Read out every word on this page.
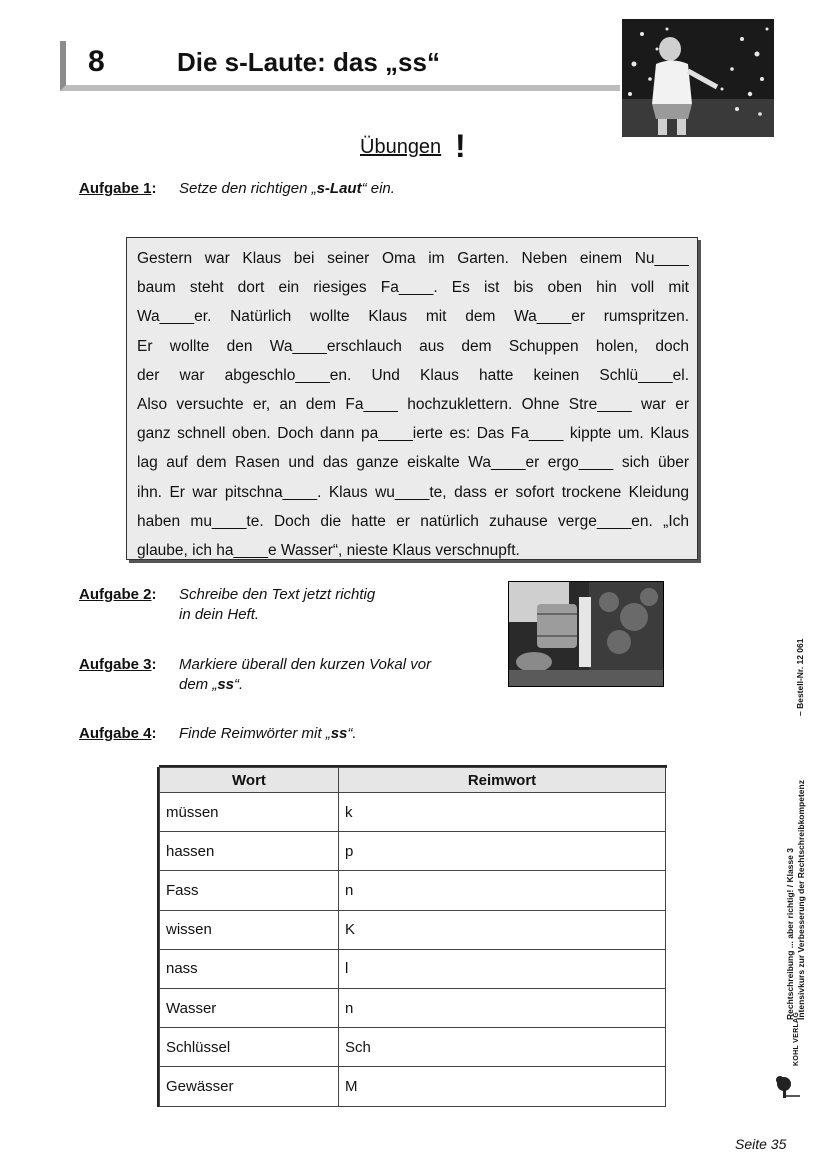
8	Die s-Laute: das „ss“
Übungen !
Aufgabe 1: Setze den richtigen „s-Laut“ ein.
Gestern war Klaus bei seiner Oma im Garten. Neben einem Nu____
baum steht dort ein riesiges Fa____. Es ist bis oben hin voll mit
Wa____er. Natürlich wollte Klaus mit dem Wa____er rumspritzen.
Er wollte den Wa____erschlauch aus dem Schuppen holen, doch
der war abgeschlo____en. Und Klaus hatte keinen Schlü____el.
Also versuchte er, an dem Fa____ hochzuklettern. Ohne Stre____ war er
ganz schnell oben. Doch dann pa____ierte es: Das Fa____ kippte um. Klaus
lag auf dem Rasen und das ganze eiskalte Wa____er ergo____ sich über
ihn. Er war pitschna____. Klaus wu____te, dass er sofort trockene Kleidung
haben mu____te. Doch die hatte er natürlich zuhause verge____en. „Ich
glaube, ich ha____e Wasser“, nieste Klaus verschnupft.
Aufgabe 2: Schreibe den Text jetzt richtig
in dein Heft.
Aufgabe 3: Markiere überall den kurzen Vokal vor
dem „ss“.
Aufgabe 4: Finde Reimwörter mit „ss“.
Wort	Reimwort
müssen	k
hassen	p
Fass	n
wissen	K
nass	l
Wasser	n
Schlüssel	Sch
Gewässer	M
Rechtschreibung ... aber richtig! / Klasse 3 Intensivkurs zur Verbesserung der Rechtschreibkompetenz
– Bestell-Nr. 12 061
KOHL VERLAG
Seite 35
